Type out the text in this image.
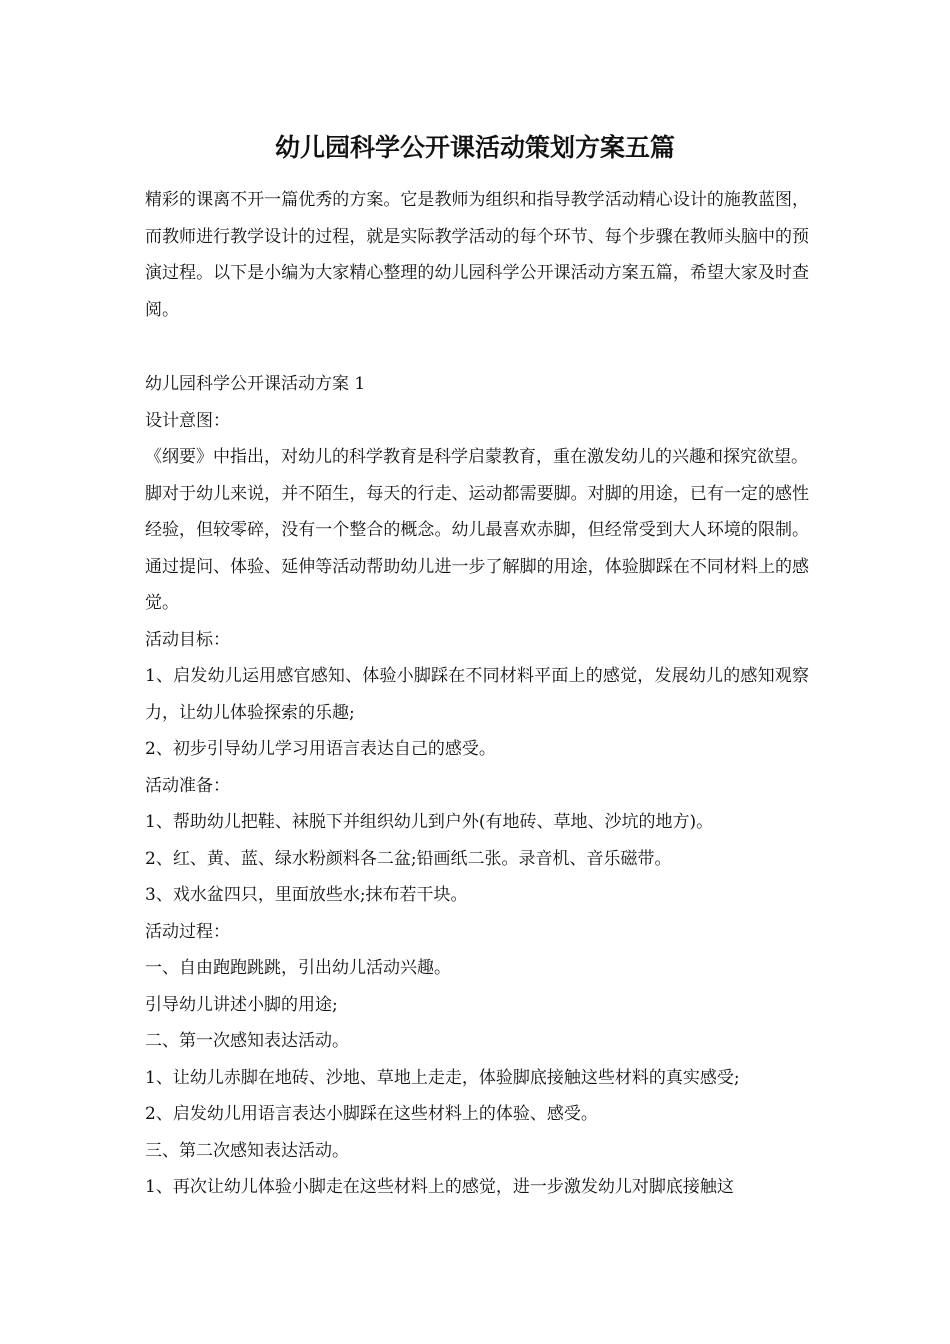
幼儿园科学公开课活动策划方案五篇

精彩的课离不开一篇优秀的方案。它是教师为组织和指导教学活动精心设计的施教蓝图，而教师进行教学设计的过程，就是实际教学活动的每个环节、每个步骤在教师头脑中的预演过程。以下是小编为大家精心整理的幼儿园科学公开课活动方案五篇，希望大家及时查阅。

幼儿园科学公开课活动方案 1

设计意图：

《纲要》中指出，对幼儿的科学教育是科学启蒙教育，重在激发幼儿的兴趣和探究欲望。

脚对于幼儿来说，并不陌生，每天的行走、运动都需要脚。对脚的用途，已有一定的感性经验，但较零碎，没有一个整合的概念。幼儿最喜欢赤脚，但经常受到大人环境的限制。通过提问、体验、延伸等活动帮助幼儿进一步了解脚的用途，体验脚踩在不同材料上的感觉。

活动目标：

1、启发幼儿运用感官感知、体验小脚踩在不同材料平面上的感觉，发展幼儿的感知观察力，让幼儿体验探索的乐趣;

2、初步引导幼儿学习用语言表达自己的感受。

活动准备：

1、帮助幼儿把鞋、袜脱下并组织幼儿到户外(有地砖、草地、沙坑的地方)。

2、红、黄、蓝、绿水粉颜料各二盆;铅画纸二张。录音机、音乐磁带。

3、戏水盆四只，里面放些水;抹布若干块。

活动过程：

一、自由跑跑跳跳，引出幼儿活动兴趣。

引导幼儿讲述小脚的用途;

二、第一次感知表达活动。

1、让幼儿赤脚在地砖、沙地、草地上走走，体验脚底接触这些材料的真实感受;

2、启发幼儿用语言表达小脚踩在这些材料上的体验、感受。

三、第二次感知表达活动。

1、再次让幼儿体验小脚走在这些材料上的感觉，进一步激发幼儿对脚底接触这
